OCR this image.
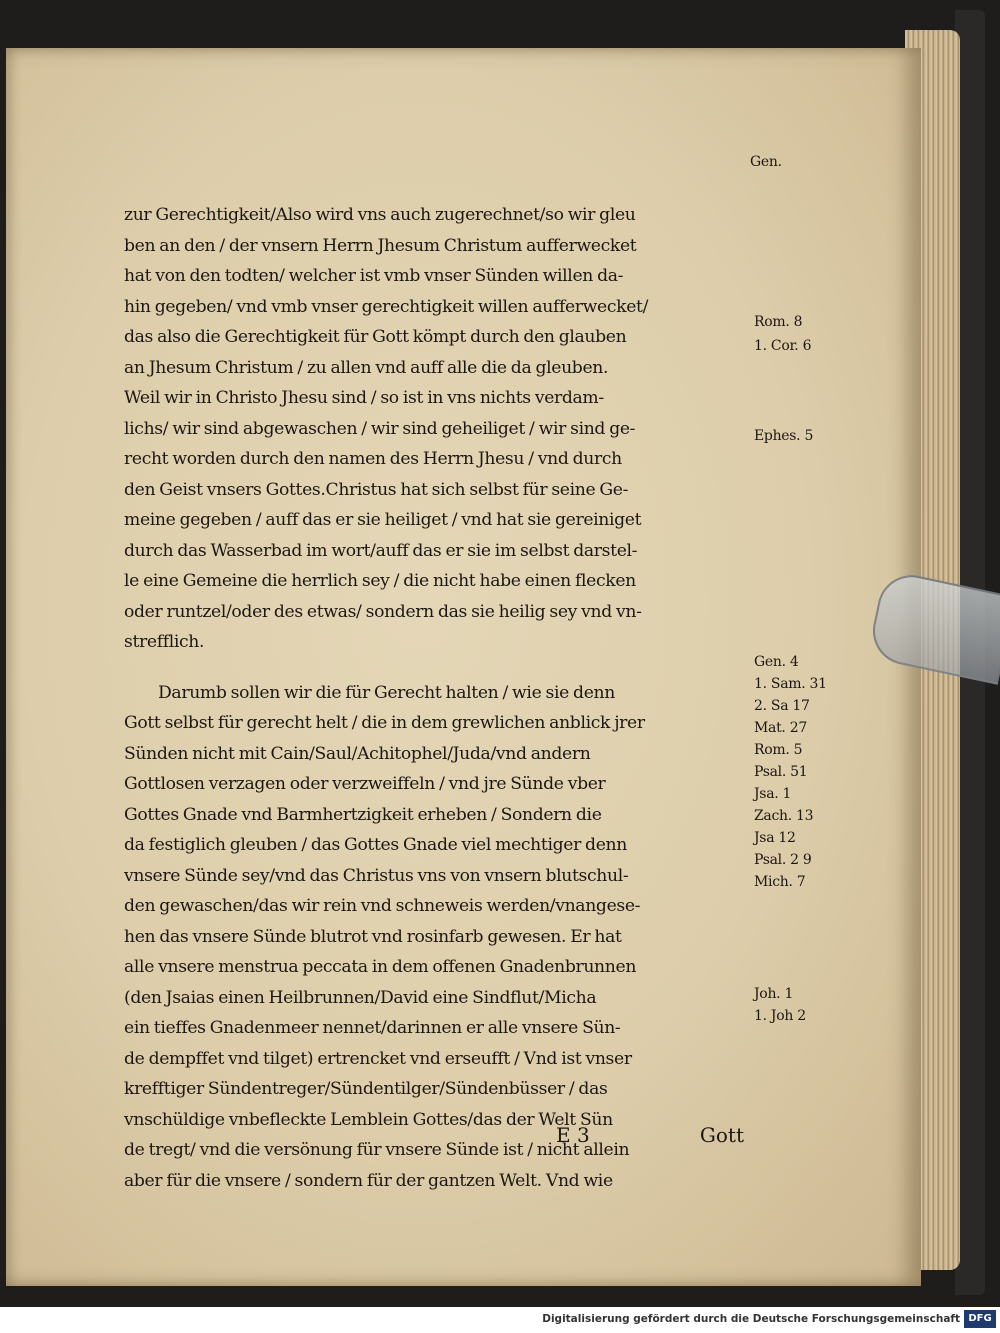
zur Gerechtigkeit/Also wird vns auch zugerechnet/so wir gleu
ben an den / der vnsern Herrn Jhesum Christum aufferwecket
hat von den todten/ welcher ist vmb vnser Sünden willen da-
hin gegeben/ vnd vmb vnser gerechtigkeit willen aufferwecket/
das also die Gerechtigkeit für Gott kömpt durch den glauben
an Jhesum Christum / zu allen vnd auff alle die da gleuben.
Weil wir in Christo Jhesu sind / so ist in vns nichts verdam-
lichs/ wir sind abgewaschen / wir sind geheiliget / wir sind ge-
recht worden durch den namen des Herrn Jhesu / vnd durch
den Geist vnsers Gottes.Christus hat sich selbst für seine Ge-
meine gegeben / auff das er sie heiliget / vnd hat sie gereiniget
durch das Wasserbad im wort/auff das er sie im selbst darstel-
le eine Gemeine die herrlich sey / die nicht habe einen flecken
oder runtzel/oder des etwas/ sondern das sie heilig sey vnd vn-
strefflich.
Darumb sollen wir die für Gerecht halten / wie sie denn
Gott selbst für gerecht helt / die in dem grewlichen anblick jrer
Sünden nicht mit Cain/Saul/Achitophel/Juda/vnd andern
Gottlosen verzagen oder verzweiffeln / vnd jre Sünde vber
Gottes Gnade vnd Barmhertzigkeit erheben / Sondern die
da festiglich gleuben / das Gottes Gnade viel mechtiger denn
vnsere Sünde sey/vnd das Christus vns von vnsern blutschul-
den gewaschen/das wir rein vnd schneweis werden/vnangese-
hen das vnsere Sünde blutrot vnd rosinfarb gewesen. Er hat
alle vnsere menstrua peccata in dem offenen Gnadenbrunnen
(den Jsaias einen Heilbrunnen/David eine Sindflut/Micha
ein tieffes Gnadenmeer nennet/darinnen er alle vnsere Sün-
de dempffet vnd tilget) ertrencket vnd erseufft / Vnd ist vnser
krefftiger Sündentreger/Sündentilger/Sündenbüsser / das
vnschüldige vnbefleckte Lemblein Gottes/das der Welt Sün
de tregt/ vnd die versönung für vnsere Sünde ist / nicht allein
aber für die vnsere / sondern für der gantzen Welt. Vnd wie
E 3	Gott
Gen.
Rom. 8
1. Cor. 6
Ephes. 5
Gen. 4
1. Sam. 31
2. Sa 17
Mat. 27
Rom. 5
Psal. 51
Jsa. 1
Zach. 13
Jsa 12
Psal. 2 9
Mich. 7
Joh. 1
1. Joh 2
Digitalisierung gefördert durch die Deutsche Forschungsgemeinschaft DFG
